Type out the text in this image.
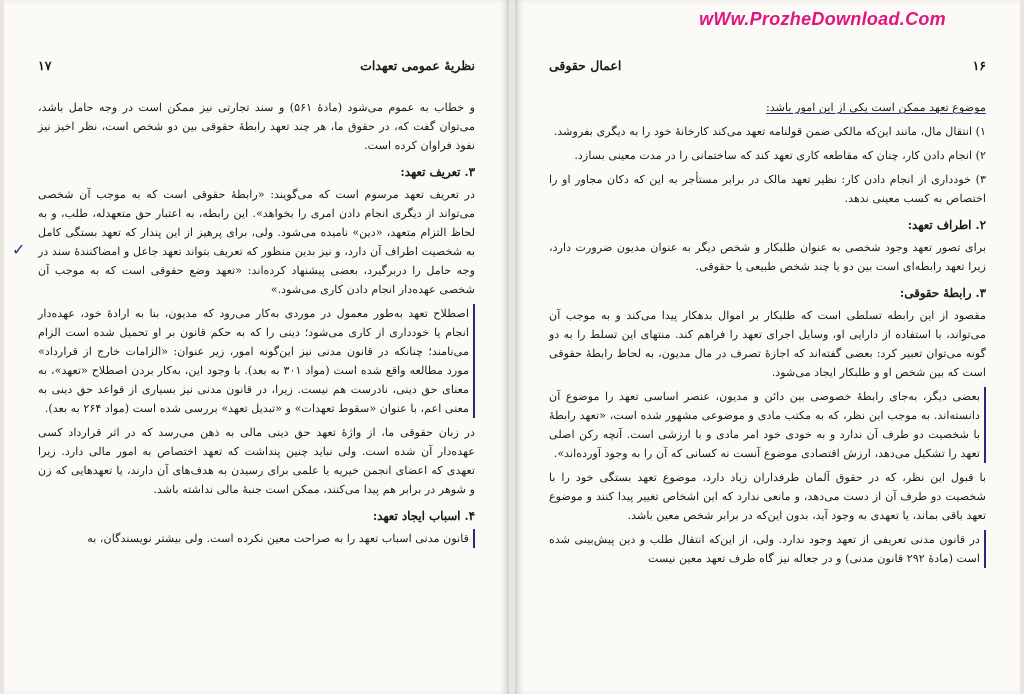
نظریهٔ عمومی تعهدات
۱۷

و خطاب به عموم می‌شود (مادهٔ ۵۶۱) و سند تجارتی نیز ممکن است در وجه حامل باشد، می‌توان گفت که، در حقوق ما، هر چند تعهد رابطهٔ حقوقی بین دو شخص است، نظر اخیز نیز نفوذ فراوان کرده است.

۳. تعریف تعهد:

در تعریف تعهد مرسوم است که می‌گویند: «رابطهٔ حقوقی است که به موجب آن شخصی می‌تواند از دیگری انجام دادن امری را بخواهد». این رابطه، به اعتبار حق متعهدله، طلب، و به لحاظ التزام متعهد، «دین» نامیده می‌شود. ولی، برای پرهیز از این پندار که تعهد بستگی کامل به شخصیت اطراف آن دارد، و نیز بدین منظور که تعریف بتواند تعهد جاعل و امضاکنندهٔ سند در وجه حامل را دربرگیرد، بعضی پیشنهاد کرده‌اند: «تعهد وضع حقوقی است که به موجب آن شخصی عهده‌دار انجام دادن کاری می‌شود.»

اصطلاح تعهد به‌طور معمول در موردی به‌کار می‌رود که مدیون، بنا به ارادهٔ خود، عهده‌دار انجام یا خودداری از کاری می‌شود؛ دینی را که به حکم قانون بر او تحمیل شده است الزام می‌نامند؛ چنانکه در قانون مدنی نیز این‌گونه امور، زیر عنوان: «الزامات خارج از قرارداد» مورد مطالعه واقع شده است (مواد ۳۰۱ به بعد). با وجود این، به‌کار بردن اصطلاح «تعهد»، به معنای حق دینی، نادرست هم نیست. زیرا، در قانون مدنی نیز بسیاری از قواعد حق دینی به معنی اعم، با عنوان «سقوط تعهدات» و «تبدیل تعهد» بررسی شده است (مواد ۲۶۴ به بعد).

در زبان حقوقی ما، از واژهٔ تعهد حق دینی مالی به ذهن می‌رسد که در اثر قرارداد کسی عهده‌دار آن شده است. ولی نباید چنین پنداشت که تعهد اختصاص به امور مالی دارد. زیرا تعهدی که اعضای انجمن خیریه یا علمی برای رسیدن به هدف‌های آن دارند، یا تعهدهایی که زن و شوهر در برابر هم پیدا می‌کنند، ممکن است جنبهٔ مالی نداشته باشد.

۴. اسباب ایجاد تعهد:

قانون مدنی اسباب تعهد را به صراحت معین نکرده است. ولی بیشتر نویسندگان، به

✓
wWw.ProzheDownload.Com
۱۶
اعمال حقوقی

موضوع تعهد ممکن است یکی از این امور باشد:

۱) انتقال مال، مانند این‌که مالکی ضمن قولنامه تعهد می‌کند کارخانهٔ خود را به دیگری بفروشد.

۲) انجام دادن کار، چنان که مقاطعه کاری تعهد کند که ساختمانی را در مدت معینی بسازد.

۳) خودداری از انجام دادن کار: نظیر تعهد مالک در برابر مستأجر به این که دکان مجاور او را اختصاص به کسب معینی ندهد.

۲. اطراف تعهد:

برای تصور تعهد وجود شخصی به عنوان طلبکار و شخص دیگر به عنوان مدیون ضرورت دارد، زیرا تعهد رابطه‌ای است بین دو یا چند شخص طبیعی یا حقوقی.

۳. رابطهٔ حقوقی:

مقصود از این رابطه تسلطی است که طلبکار بر اموال بدهکار پیدا می‌کند و به موجب آن می‌تواند، با استفاده از دارایی او، وسایل اجرای تعهد را فراهم کند. منتهای این تسلط را به دو گونه می‌توان تعبیر کرد: بعضی گفته‌اند که اجازهٔ تصرف در مال مدیون، به لحاظ رابطهٔ حقوقی است که بین شخص او و طلبکار ایجاد می‌شود.

بعضی دیگر، به‌جای رابطهٔ خصوصی بین دائن و مدیون، عنصر اساسی تعهد را موضوع آن دانسته‌اند. به موجب این نظر، که به مکتب مادی و موضوعی مشهور شده است، «تعهد رابطهٔ با شخصیت دو طرف آن ندارد و به خودی خود امر مادی و با ارزشی است. آنچه رکن اصلی تعهد را تشکیل می‌دهد، ارزش اقتصادی موضوع آنست نه کسانی که آن را به وجود آورده‌اند».

با قبول این نظر، که در حقوق آلمان طرفداران زیاد دارد، موضوع تعهد بستگی خود را با شخصیت دو طرف آن از دست می‌دهد، و مانعی ندارد که این اشخاص تغییر پیدا کنند و موضوع تعهد باقی بماند، یا تعهدی به وجود آید، بدون این‌که در برابر شخص معین باشد.

در قانون مدنی تعریفی از تعهد وجود ندارد. ولی، از این‌که انتقال طلب و دین پیش‌بینی شده است (مادهٔ ۲۹۲ قانون مدنی) و در جعاله نیز گاه طرف تعهد معین نیست
